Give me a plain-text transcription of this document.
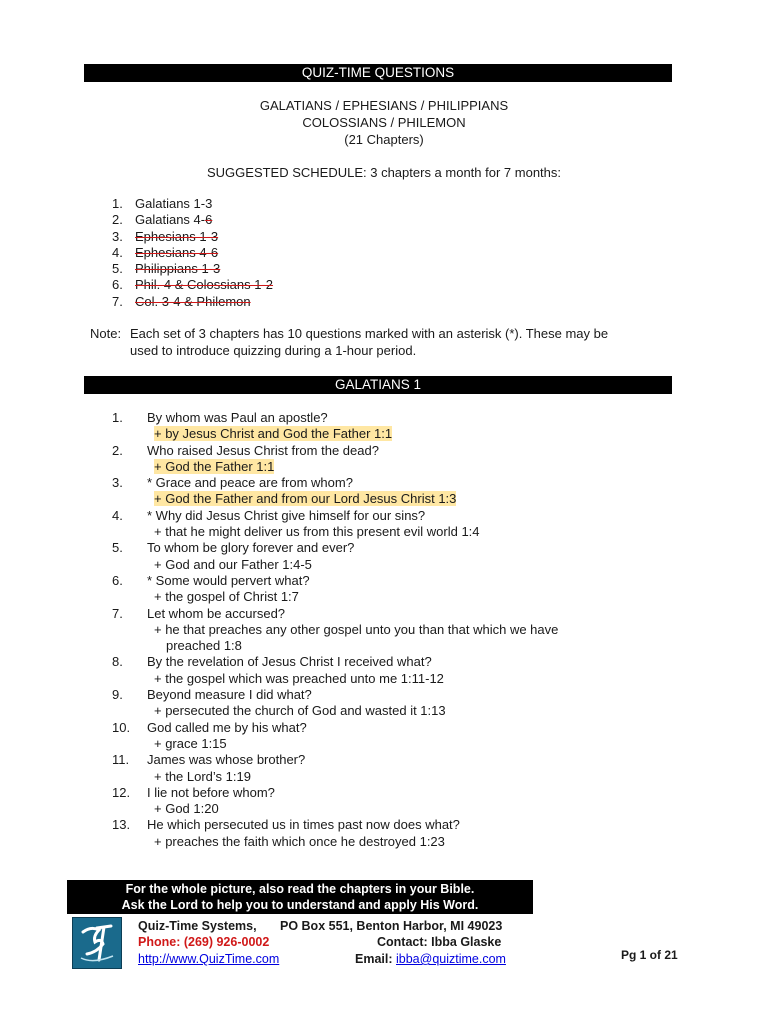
QUIZ-TIME QUESTIONS
GALATIANS / EPHESIANS / PHILIPPIANS
COLOSSIANS / PHILEMON
(21 Chapters)
SUGGESTED SCHEDULE: 3 chapters a month for 7 months:
1. Galatians 1-3
2. Galatians 4-6
3. Ephesians 1-3
4. Ephesians 4-6
5. Philippians 1-3
6. Phil. 4 & Colossians 1-2
7. Col. 3-4 & Philemon
Note: Each set of 3 chapters has 10 questions marked with an asterisk (*). These may be
used to introduce quizzing during a 1-hour period.
GALATIANS 1
1.	By whom was Paul an apostle?
+ by Jesus Christ and God the Father 1:1
2.	Who raised Jesus Christ from the dead?
+ God the Father 1:1
3.	* Grace and peace are from whom?
+ God the Father and from our Lord Jesus Christ 1:3
4.	* Why did Jesus Christ give himself for our sins?
+ that he might deliver us from this present evil world 1:4
5.	To whom be glory forever and ever?
+ God and our Father 1:4-5
6.	* Some would pervert what?
+ the gospel of Christ 1:7
7.	Let whom be accursed?
+ he that preaches any other gospel unto you than that which we have
preached 1:8
8.	By the revelation of Jesus Christ I received what?
+ the gospel which was preached unto me 1:11-12
9.	Beyond measure I did what?
+ persecuted the church of God and wasted it 1:13
10.	God called me by his what?
+ grace 1:15
11.	James was whose brother?
+ the Lord’s 1:19
12.	I lie not before whom?
+ God 1:20
13.	He which persecuted us in times past now does what?
+ preaches the faith which once he destroyed 1:23
For the whole picture, also read the chapters in your Bible.
Ask the Lord to help you to understand and apply His Word.
Quiz-Time Systems, PO Box 551, Benton Harbor, MI 49023
Phone: (269) 926-0002	Contact: Ibba Glaske
http://www.QuizTime.com	Email: ibba@quiztime.com	Pg 1 of 21
